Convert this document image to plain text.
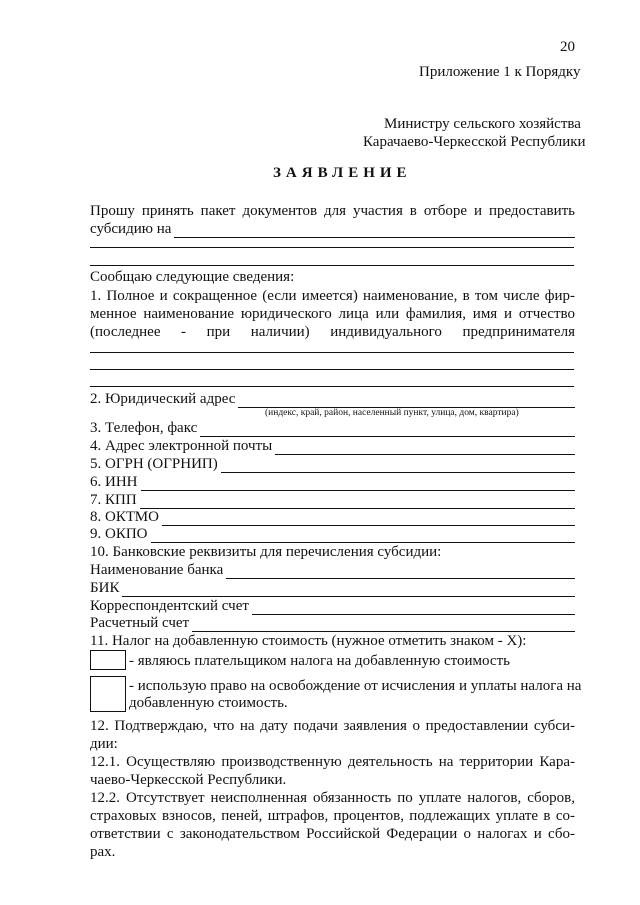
20
Приложение 1 к Порядку
Министру сельского хозяйства
Карачаево-Черкесской Республики
ЗАЯВЛЕНИЕ
Прошу принять пакет документов для участия в отборе и предоставить
субсидию на
Сообщаю следующие сведения:
1. Полное и сокращенное (если имеется) наименование, в том числе фир-
менное наименование юридического лица или фамилия, имя и отчество
(последнее - при наличии) индивидуального предпринимателя
2. Юридический адрес
(индекс, край, район, населенный пункт, улица, дом, квартира)
3. Телефон, факс
4. Адрес электронной почты
5. ОГРН (ОГРНИП)
6. ИНН
7. КПП
8. ОКТМО
9. ОКПО
10. Банковские реквизиты для перечисления субсидии:
Наименование банка
БИК
Корреспондентский счет
Расчетный счет
11. Налог на добавленную стоимость (нужное отметить знаком - X):
- являюсь плательщиком налога на добавленную стоимость
- использую право на освобождение от исчисления и уплаты налога на
добавленную стоимость.
12. Подтверждаю, что на дату подачи заявления о предоставлении субси-
дии:
12.1. Осуществляю производственную деятельность на территории Кара-
чаево-Черкесской Республики.
12.2. Отсутствует неисполненная обязанность по уплате налогов, сборов,
страховых взносов, пеней, штрафов, процентов, подлежащих уплате в со-
ответствии с законодательством Российской Федерации о налогах и сбо-
рах.
